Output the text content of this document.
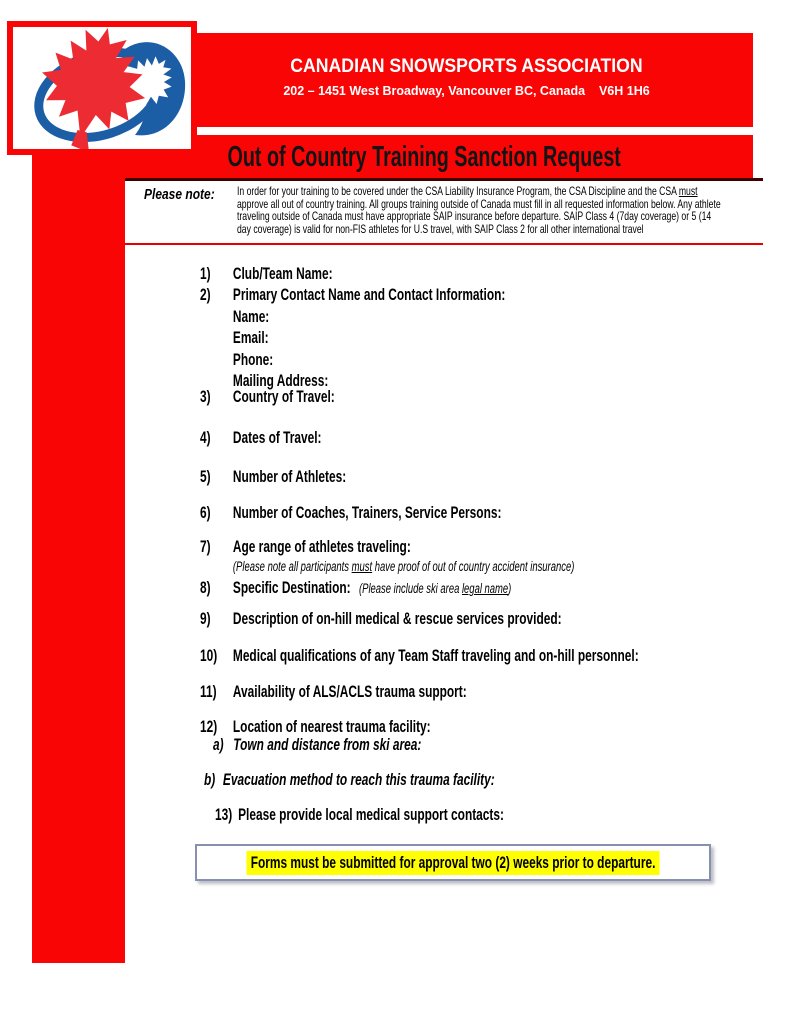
CANADIAN SNOWSPORTS ASSOCIATION
202 – 1451 West Broadway, Vancouver BC, Canada    V6H 1H6
Out of Country Training Sanction Request
Please note:	In order for your training to be covered under the CSA Liability Insurance Program, the CSA Discipline and the CSA must approve all out of country training. All groups training outside of Canada must fill in all requested information below. Any athlete traveling outside of Canada must have appropriate SAIP insurance before departure. SAIP Class 4 (7day coverage) or 5 (14 day coverage) is valid for non-FIS athletes for U.S travel, with SAIP Class 2 for all other international travel
1) Club/Team Name:
2) Primary Contact Name and Contact Information:
Name:
Email:
Phone:
Mailing Address:
3) Country of Travel:
4) Dates of Travel:
5) Number of Athletes:
6) Number of Coaches, Trainers, Service Persons:
7) Age range of athletes traveling:
(Please note all participants must have proof of out of country accident insurance)
8) Specific Destination: (Please include ski area legal name)
9) Description of on-hill medical & rescue services provided:
10) Medical qualifications of any Team Staff traveling and on-hill personnel:
11) Availability of ALS/ACLS trauma support:
12) Location of nearest trauma facility:
a) Town and distance from ski area:
b) Evacuation method to reach this trauma facility:
13) Please provide local medical support contacts:
Forms must be submitted for approval two (2) weeks prior to departure.
